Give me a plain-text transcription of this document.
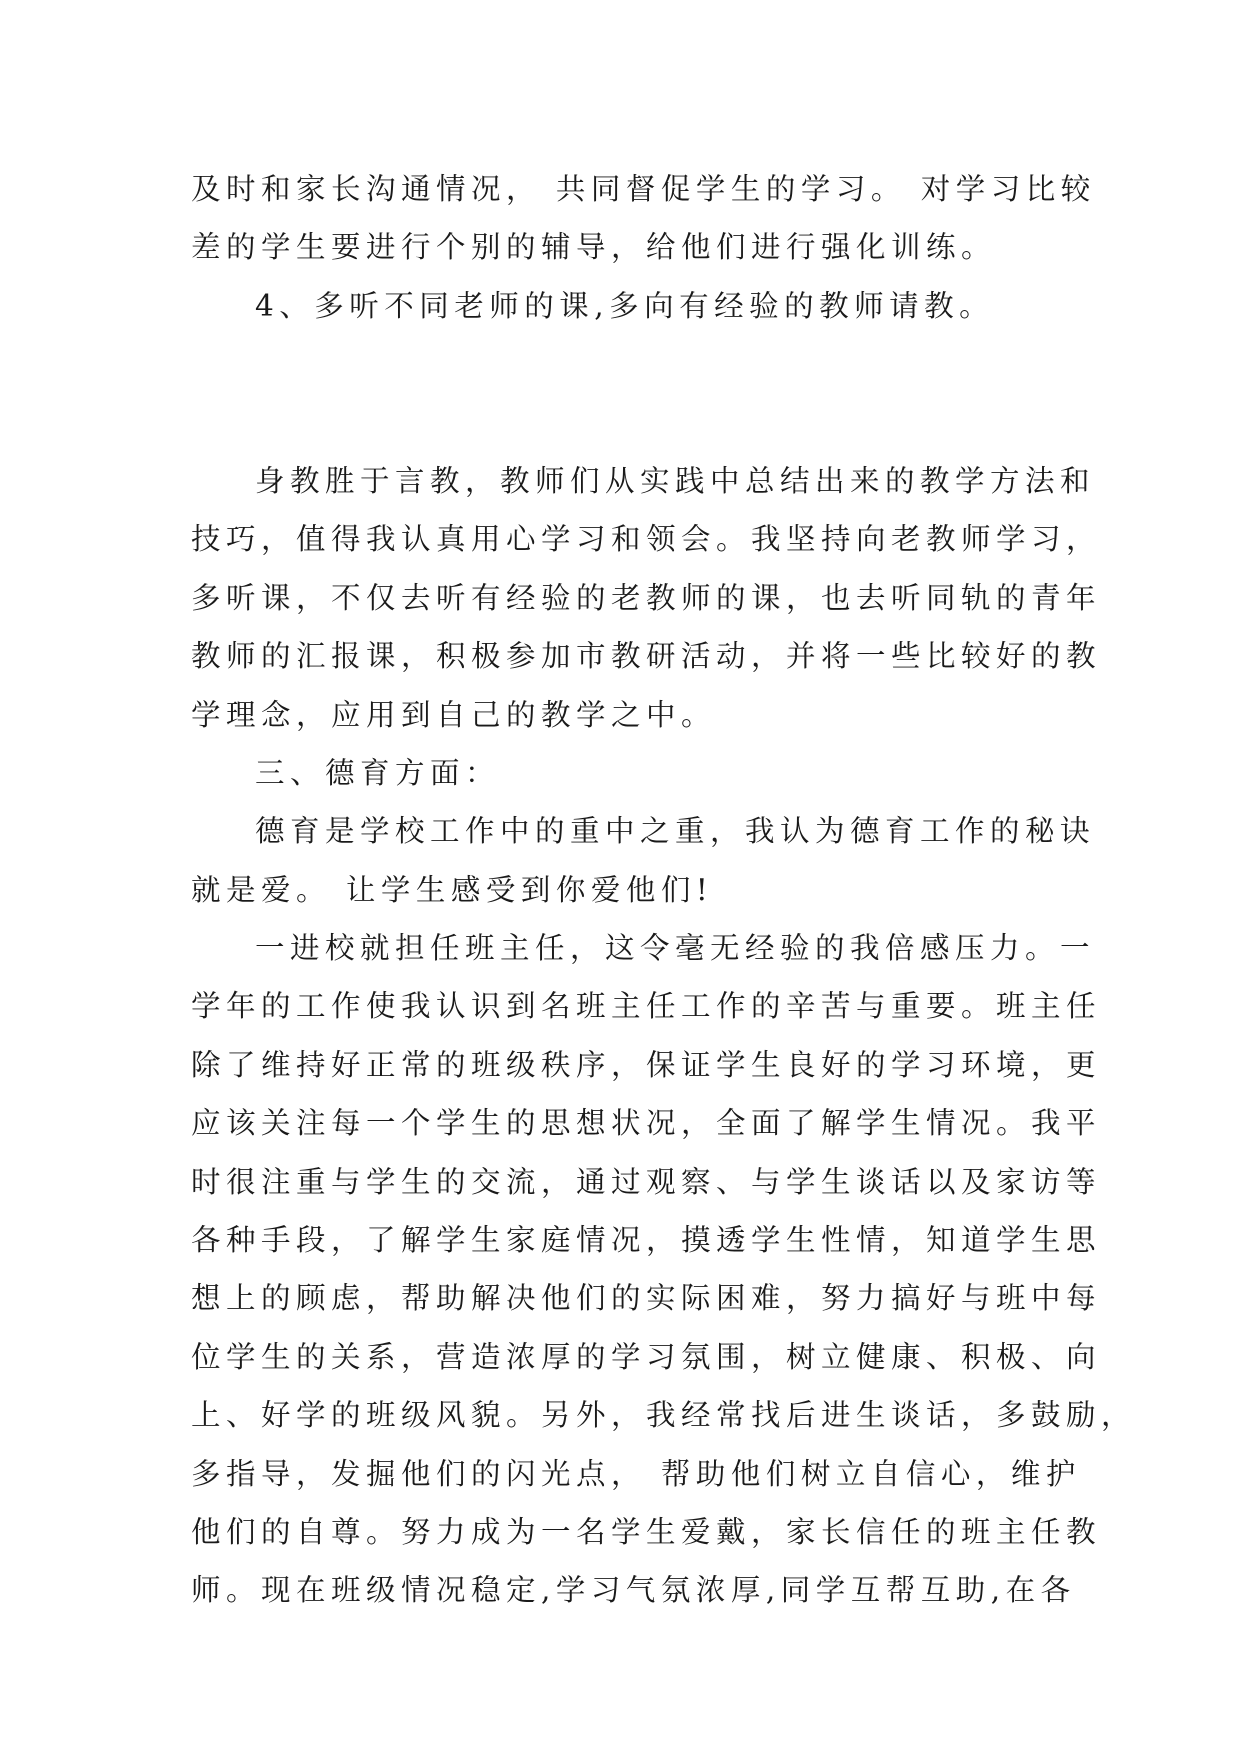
及时和家长沟通情况， 共同督促学生的学习。 对学习比较
差的学生要进行个别的辅导，给他们进行强化训练。
4、多听不同老师的课,多向有经验的教师请教。
身教胜于言教，教师们从实践中总结出来的教学方法和
技巧，值得我认真用心学习和领会。我坚持向老教师学习，
多听课，不仅去听有经验的老教师的课，也去听同轨的青年
教师的汇报课，积极参加市教研活动，并将一些比较好的教
学理念，应用到自己的教学之中。
三、德育方面：
德育是学校工作中的重中之重，我认为德育工作的秘诀
就是爱。 让学生感受到你爱他们!
一进校就担任班主任，这令毫无经验的我倍感压力。一
学年的工作使我认识到名班主任工作的辛苦与重要。班主任
除了维持好正常的班级秩序，保证学生良好的学习环境，更
应该关注每一个学生的思想状况，全面了解学生情况。我平
时很注重与学生的交流，通过观察、与学生谈话以及家访等
各种手段，了解学生家庭情况，摸透学生性情，知道学生思
想上的顾虑，帮助解决他们的实际困难，努力搞好与班中每
位学生的关系，营造浓厚的学习氛围，树立健康、积极、向
上、好学的班级风貌。另外，我经常找后进生谈话，多鼓励，
多指导，发掘他们的闪光点， 帮助他们树立自信心，维护
他们的自尊。努力成为一名学生爱戴，家长信任的班主任教
师。现在班级情况稳定,学习气氛浓厚,同学互帮互助,在各
